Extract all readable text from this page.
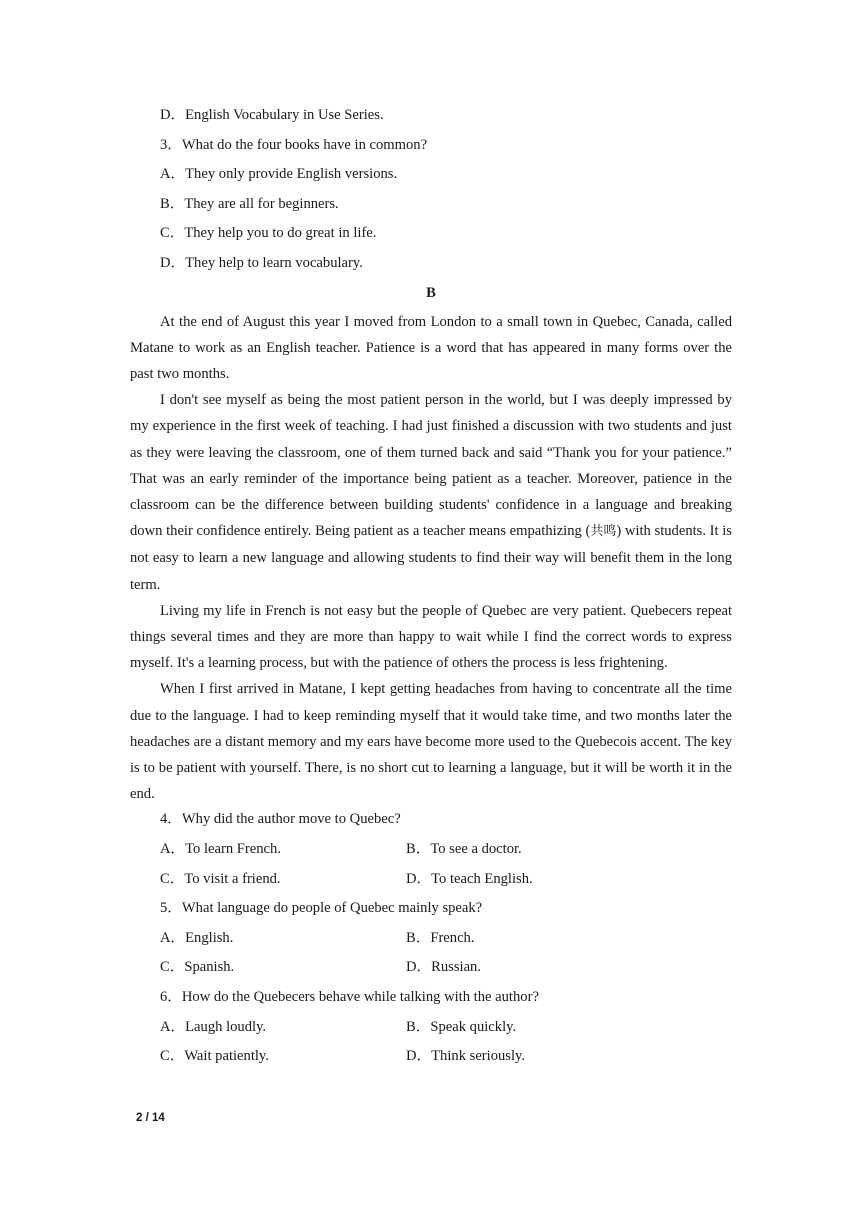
D．English Vocabulary in Use Series.
3．What do the four books have in common?
A．They only provide English versions.
B．They are all for beginners.
C．They help you to do great in life.
D．They help to learn vocabulary.
B

At the end of August this year I moved from London to a small town in Quebec, Canada, called Matane to work as an English teacher. Patience is a word that has appeared in many forms over the past two months.

I don't see myself as being the most patient person in the world, but I was deeply impressed by my experience in the first week of teaching. I had just finished a discussion with two students and just as they were leaving the classroom, one of them turned back and said “Thank you for your patience.” That was an early reminder of the importance being patient as a teacher. Moreover, patience in the classroom can be the difference between building students' confidence in a language and breaking down their confidence entirely. Being patient as a teacher means empathizing (共鸣) with students. It is not easy to learn a new language and allowing students to find their way will benefit them in the long term.

Living my life in French is not easy but the people of Quebec are very patient. Quebecers repeat things several times and they are more than happy to wait while I find the correct words to express myself. It's a learning process, but with the patience of others the process is less frightening.

When I first arrived in Matane, I kept getting headaches from having to concentrate all the time due to the language. I had to keep reminding myself that it would take time, and two months later the headaches are a distant memory and my ears have become more used to the Quebecois accent. The key is to be patient with yourself. There, is no short cut to learning a language, but it will be worth it in the end.

4．Why did the author move to Quebec?
A．To learn French.	B．To see a doctor.
C．To visit a friend.	D．To teach English.
5．What language do people of Quebec mainly speak?
A．English.	B．French.
C．Spanish.	D．Russian.
6．How do the Quebecers behave while talking with the author?
A．Laugh loudly.	B．Speak quickly.
C．Wait patiently.	D．Think seriously.
2 / 14
